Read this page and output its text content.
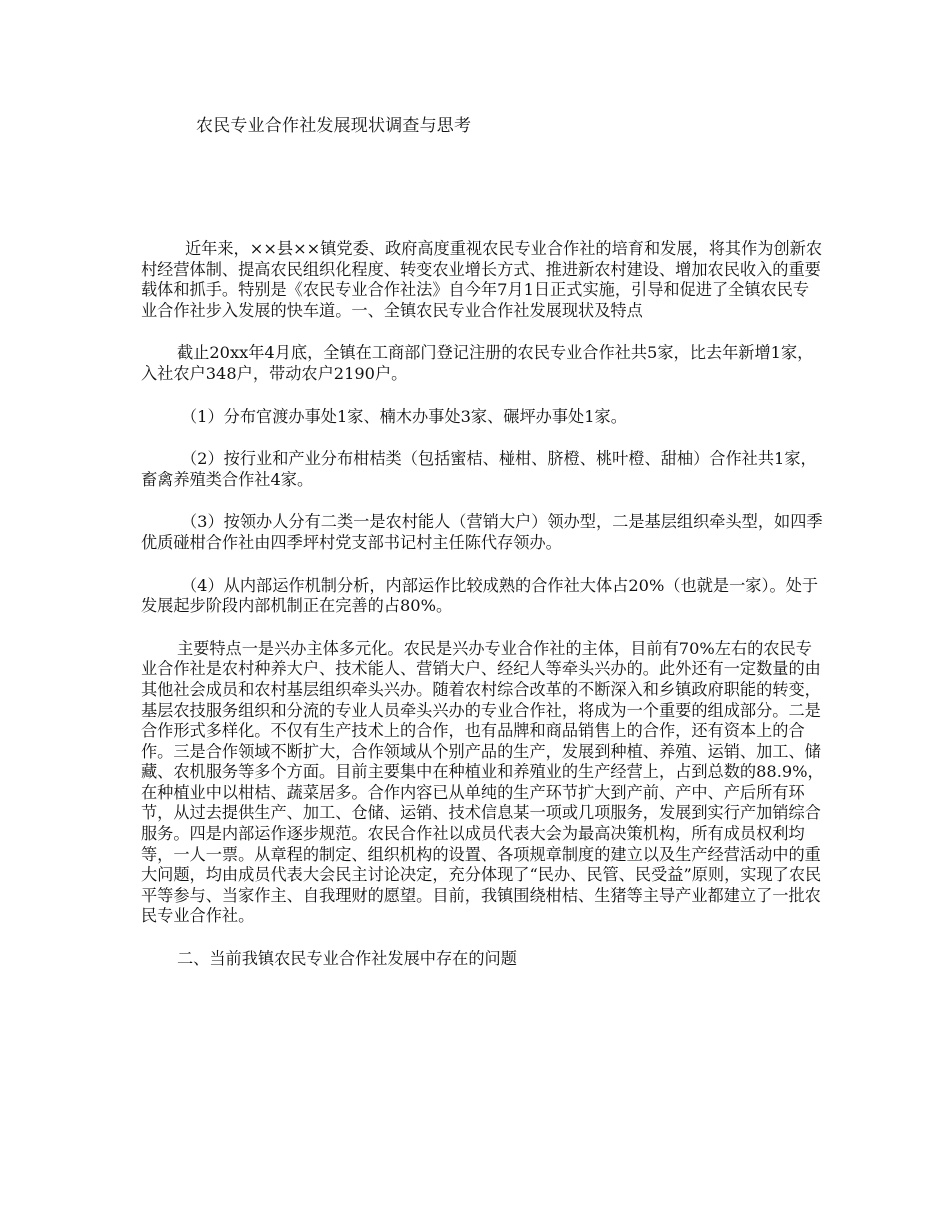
农民专业合作社发展现状调查与思考

近年来，××县××镇党委、政府高度重视农民专业合作社的培育和发展，将其作为创新农村经营体制、提高农民组织化程度、转变农业增长方式、推进新农村建设、增加农民收入的重要载体和抓手。特别是《农民专业合作社法》自今年7月1日正式实施，引导和促进了全镇农民专业合作社步入发展的快车道。一、全镇农民专业合作社发展现状及特点

截止20xx年4月底，全镇在工商部门登记注册的农民专业合作社共5家，比去年新增1家，入社农户348户，带动农户2190户。

（1）分布官渡办事处1家、楠木办事处3家、碾坪办事处1家。

（2）按行业和产业分布柑桔类（包括蜜桔、椪柑、脐橙、桃叶橙、甜柚）合作社共1家，畜禽养殖类合作社4家。

（3）按领办人分有二类一是农村能人（营销大户）领办型，二是基层组织牵头型，如四季优质碰柑合作社由四季坪村党支部书记村主任陈代存领办。

（4）从内部运作机制分析，内部运作比较成熟的合作社大体占20%（也就是一家）。处于发展起步阶段内部机制正在完善的占80%。

主要特点一是兴办主体多元化。农民是兴办专业合作社的主体，目前有70%左右的农民专业合作社是农村种养大户、技术能人、营销大户、经纪人等牵头兴办的。此外还有一定数量的由其他社会成员和农村基层组织牵头兴办。随着农村综合改革的不断深入和乡镇政府职能的转变，基层农技服务组织和分流的专业人员牵头兴办的专业合作社，将成为一个重要的组成部分。二是合作形式多样化。不仅有生产技术上的合作，也有品牌和商品销售上的合作，还有资本上的合作。三是合作领域不断扩大，合作领域从个别产品的生产，发展到种植、养殖、运销、加工、储藏、农机服务等多个方面。目前主要集中在种植业和养殖业的生产经营上，占到总数的88.9%，在种植业中以柑桔、蔬菜居多。合作内容已从单纯的生产环节扩大到产前、产中、产后所有环节，从过去提供生产、加工、仓储、运销、技术信息某一项或几项服务，发展到实行产加销综合服务。四是内部运作逐步规范。农民合作社以成员代表大会为最高决策机构，所有成员权利均等，一人一票。从章程的制定、组织机构的设置、各项规章制度的建立以及生产经营活动中的重大问题，均由成员代表大会民主讨论决定，充分体现了“民办、民管、民受益”原则，实现了农民平等参与、当家作主、自我理财的愿望。目前，我镇围绕柑桔、生猪等主导产业都建立了一批农民专业合作社。

二、当前我镇农民专业合作社发展中存在的问题
